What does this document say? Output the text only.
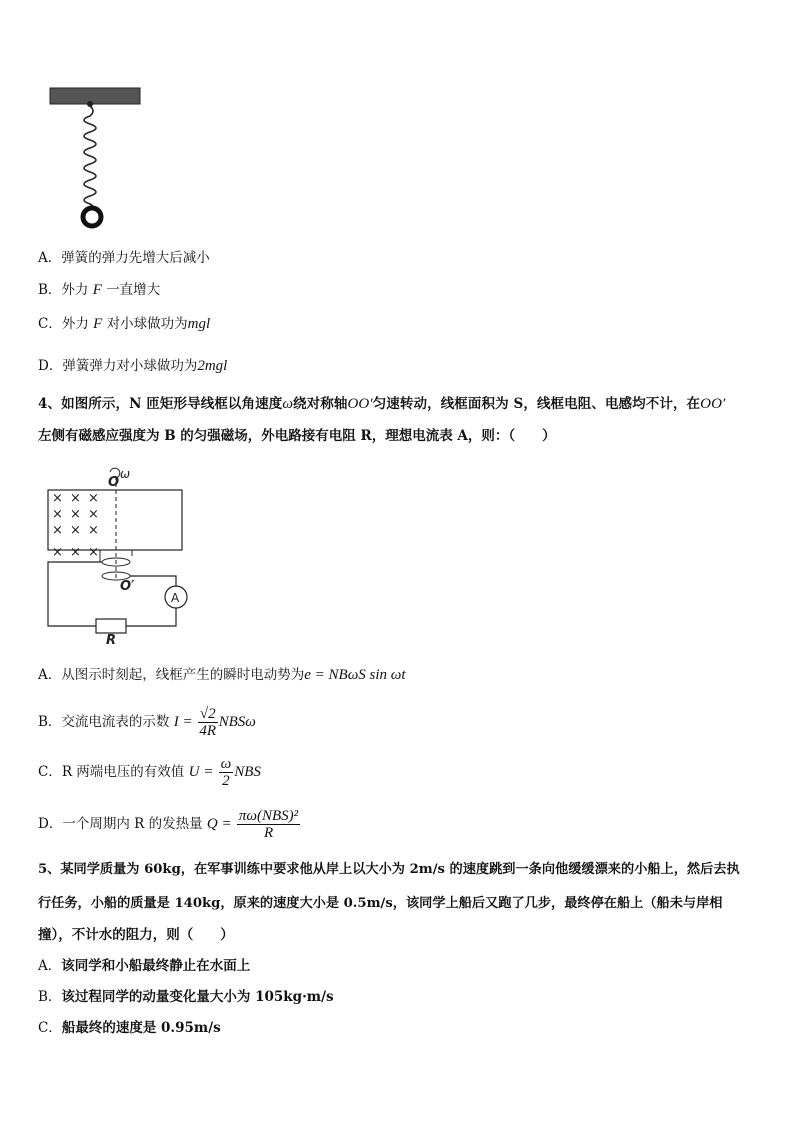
A．弹簧的弹力先增大后减小
B．外力 F 一直增大
C．外力 F 对小球做功为mgl
D．弹簧弹力对小球做功为2mgl
4、如图所示，N 匝矩形导线框以角速度ω绕对称轴OO′匀速转动，线框面积为 S，线框电阻、电感均不计，在OO′
左侧有磁感应强度为 B 的匀强磁场，外电路接有电阻 R，理想电流表 A，则：（　　）
× × ×
× × ×
× × ×
× × ×
O
ω
O′
A
R
A．从图示时刻起，线框产生的瞬时电动势为e = NBωS sin ωt
B．交流电流表的示数 $I = \frac{√2}{4R}$ NBSω
C．R 两端电压的有效值 $U = \frac{\omega}{2}$ NBS
D．一个周期内 R 的发热量 $Q = \frac{\text{πω(NBS)²}}{R}$
5、某同学质量为 60kg，在军事训练中要求他从岸上以大小为 2m/s 的速度跳到一条向他缓缓漂来的小船上，然后去执
行任务，小船的质量是 140kg，原来的速度大小是 0.5m/s，该同学上船后又跑了几步，最终停在船上（船未与岸相
撞），不计水的阻力，则（　　）
A．该同学和小船最终静止在水面上
B．该过程同学的动量变化量大小为 105kg·m/s
C．船最终的速度是 0.95m/s
